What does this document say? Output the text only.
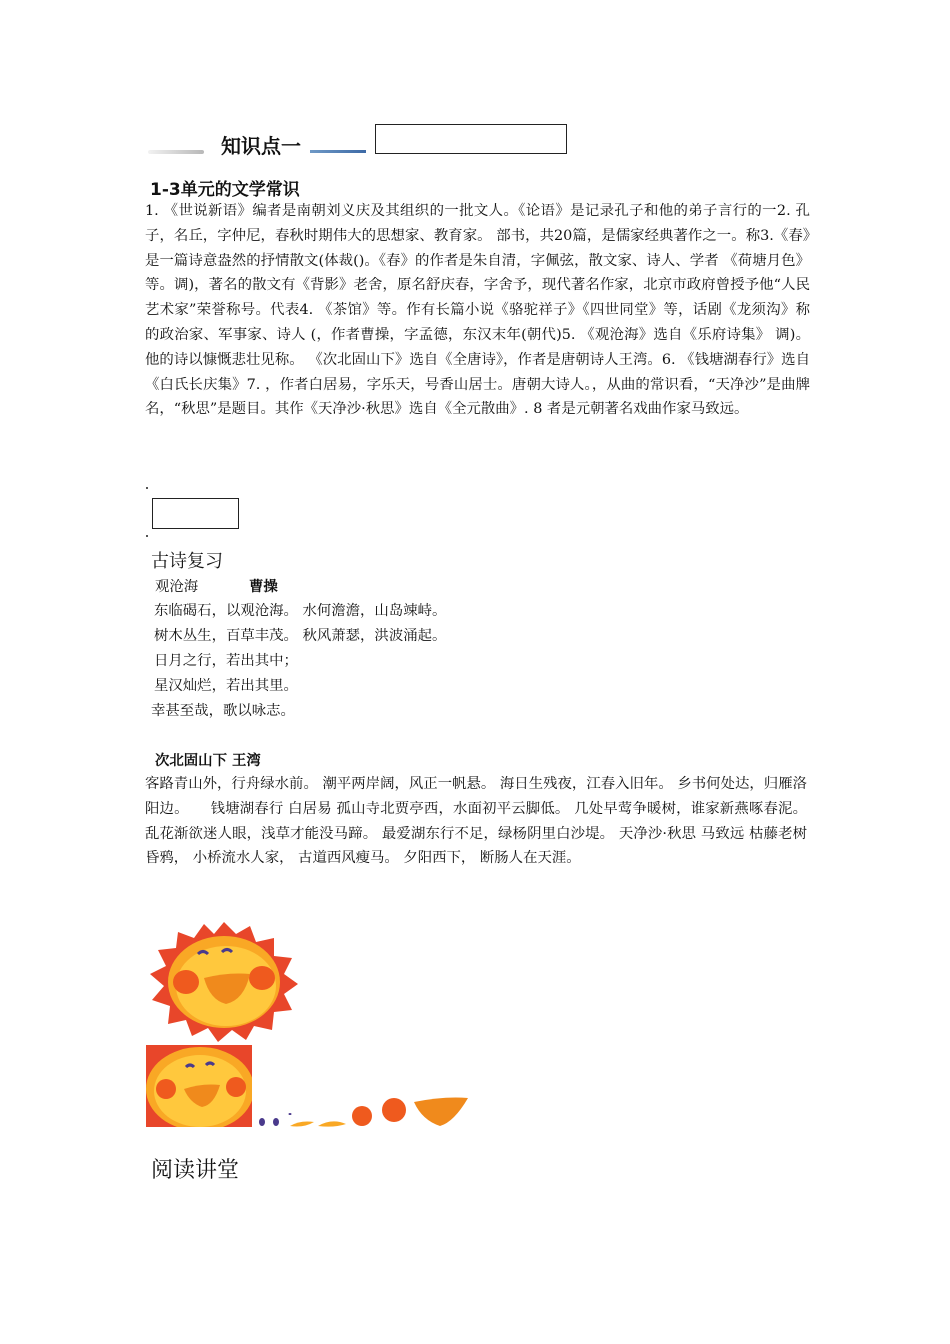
知识点一
1-3单元的文学常识
1. 《世说新语》编者是南朝刘义庆及其组织的一批文人。《论语》是记录孔子和他的弟子言行的一2. 孔子，名丘，字仲尼，春秋时期伟大的思想家、教育家。 部书，共20篇，是儒家经典著作之一。称3.《春》是一篇诗意盎然的抒情散文(体裁()。《春》的作者是朱自清，字佩弦，散文家、诗人、学者 《荷塘月色》等。调)，著名的散文有《背影》老舍，原名舒庆春，字舍予，现代著名作家，北京市政府曾授予他“人民艺术家”荣誉称号。代表4. 《茶馆》等。作有长篇小说《骆驼祥子》《四世同堂》等，话剧《龙须沟》称的政治家、军事家、诗人 (，作者曹操，字孟德，东汉末年(朝代)5. 《观沧海》选自《乐府诗集》 调)。他的诗以慷慨悲壮见称。 《次北固山下》选自《全唐诗》，作者是唐朝诗人王湾。6. 《钱塘湖春行》选自《白氏长庆集》7. ，作者白居易，字乐天，号香山居士。唐朝大诗人。，从曲的常识看，“天净沙”是曲牌名，“秋思”是题目。其作《天净沙·秋思》选自《全元散曲》. 8 者是元朝著名戏曲作家马致远。
古诗复习
观沧海	曹操
东临碣石，以观沧海。 水何澹澹，山岛竦峙。
树木丛生，百草丰茂。 秋风萧瑟，洪波涌起。
日月之行，若出其中；
星汉灿烂，若出其里。
幸甚至哉，歌以咏志。
次北固山下 王湾
客路青山外，行舟绿水前。 潮平两岸阔，风正一帆悬。 海日生残夜，江春入旧年。 乡书何处达，归雁洛阳边。　　钱塘湖春行 白居易 孤山寺北贾亭西，水面初平云脚低。 几处早莺争暖树，谁家新燕啄春泥。 乱花渐欲迷人眼，浅草才能没马蹄。 最爱湖东行不足，绿杨阴里白沙堤。 天净沙·秋思 马致远 枯藤老树昏鸦， 小桥流水人家， 古道西风瘦马。 夕阳西下， 断肠人在天涯。
阅读讲堂
